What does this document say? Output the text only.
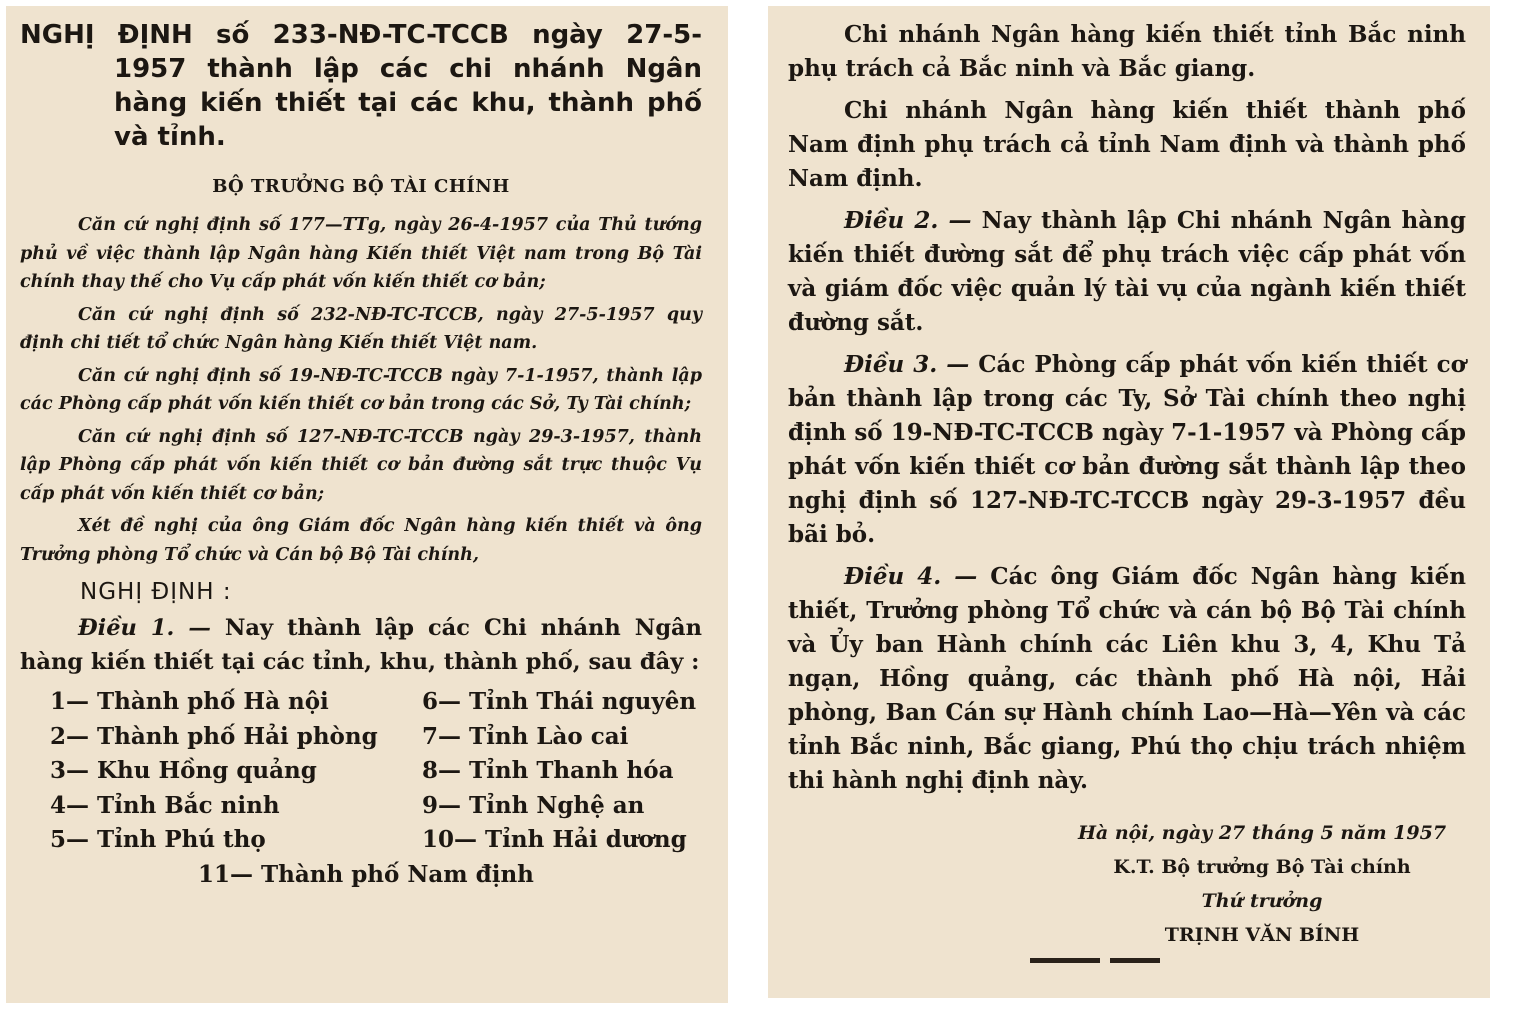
NGHỊ ĐỊNH số 233-NĐ-TC-TCCB ngày 27-5-1957 thành lập các chi nhánh Ngân hàng kiến thiết tại các khu, thành phố và tỉnh.

BỘ TRƯỞNG BỘ TÀI CHÍNH

Căn cứ nghị định số 177—TTg, ngày 26-4-1957 của Thủ tướng phủ về việc thành lập Ngân hàng Kiến thiết Việt nam trong Bộ Tài chính thay thế cho Vụ cấp phát vốn kiến thiết cơ bản;

Căn cứ nghị định số 232-NĐ-TC-TCCB, ngày 27-5-1957 quy định chi tiết tổ chức Ngân hàng Kiến thiết Việt nam.

Căn cứ nghị định số 19-NĐ-TC-TCCB ngày 7-1-1957, thành lập các Phòng cấp phát vốn kiến thiết cơ bản trong các Sở, Ty Tài chính;

Căn cứ nghị định số 127-NĐ-TC-TCCB ngày 29-3-1957, thành lập Phòng cấp phát vốn kiến thiết cơ bản đường sắt trực thuộc Vụ cấp phát vốn kiến thiết cơ bản;

Xét đề nghị của ông Giám đốc Ngân hàng kiến thiết và ông Trưởng phòng Tổ chức và Cán bộ Bộ Tài chính,

NGHỊ ĐỊNH :

Điều 1. — Nay thành lập các Chi nhánh Ngân hàng kiến thiết tại các tỉnh, khu, thành phố, sau đây :

1— Thành phố Hà nội	6— Tỉnh Thái nguyên
2— Thành phố Hải phòng	7— Tỉnh Lào cai
3— Khu Hồng quảng	8— Tỉnh Thanh hóa
4— Tỉnh Bắc ninh	9— Tỉnh Nghệ an
5— Tỉnh Phú thọ	10— Tỉnh Hải dương
11— Thành phố Nam định

Chi nhánh Ngân hàng kiến thiết tỉnh Bắc ninh phụ trách cả Bắc ninh và Bắc giang.

Chi nhánh Ngân hàng kiến thiết thành phố Nam định phụ trách cả tỉnh Nam định và thành phố Nam định.

Điều 2. — Nay thành lập Chi nhánh Ngân hàng kiến thiết đường sắt để phụ trách việc cấp phát vốn và giám đốc việc quản lý tài vụ của ngành kiến thiết đường sắt.

Điều 3. — Các Phòng cấp phát vốn kiến thiết cơ bản thành lập trong các Ty, Sở Tài chính theo nghị định số 19-NĐ-TC-TCCB ngày 7-1-1957 và Phòng cấp phát vốn kiến thiết cơ bản đường sắt thành lập theo nghị định số 127-NĐ-TC-TCCB ngày 29-3-1957 đều bãi bỏ.

Điều 4. — Các ông Giám đốc Ngân hàng kiến thiết, Trưởng phòng Tổ chức và cán bộ Bộ Tài chính và Ủy ban Hành chính các Liên khu 3, 4, Khu Tả ngạn, Hồng quảng, các thành phố Hà nội, Hải phòng, Ban Cán sự Hành chính Lao—Hà—Yên và các tỉnh Bắc ninh, Bắc giang, Phú thọ chịu trách nhiệm thi hành nghị định này.

Hà nội, ngày 27 tháng 5 năm 1957
K.T. Bộ trưởng Bộ Tài chính
Thứ trưởng
TRỊNH VĂN BÍNH
